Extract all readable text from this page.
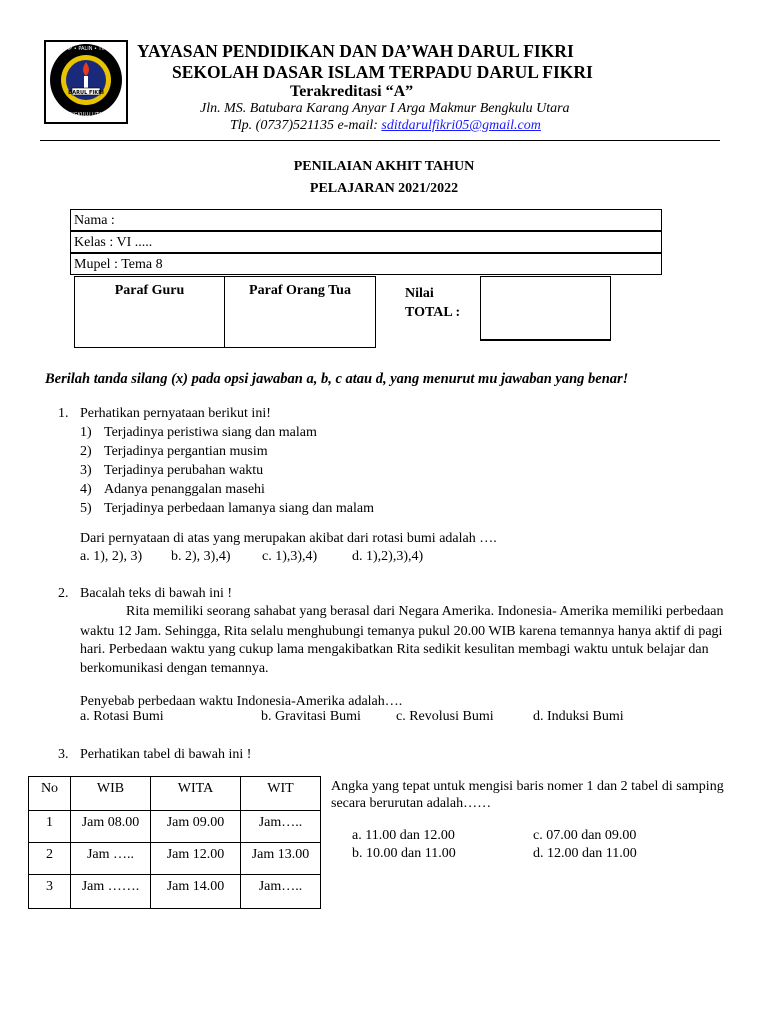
DARUL FIKRI
SEDAP • PALIN • TIPPNR
BENGKULU UTARA
YAYASAN PENDIDIKAN DAN DA’WAH DARUL FIKRI
SEKOLAH DASAR ISLAM TERPADU DARUL FIKRI
Terakreditasi “A”
Jln. MS. Batubara Karang Anyar I Arga Makmur Bengkulu Utara
Tlp. (0737)521135 e-mail: sditdarulfikri05@gmail.com
PENILAIAN AKHIT TAHUN
PELAJARAN 2021/2022
Nama :
Kelas : VI .....
Mupel : Tema 8
Paraf Guru	Paraf Orang Tua	Nilai
TOTAL :
Berilah tanda silang (x) pada opsi jawaban a, b, c atau d, yang menurut mu jawaban yang benar!
1. Perhatikan pernyataan berikut ini!
1) Terjadinya peristiwa siang dan malam
2) Terjadinya pergantian musim
3) Terjadinya perubahan waktu
4) Adanya penanggalan masehi
5) Terjadinya perbedaan lamanya siang dan malam
Dari pernyataan di atas yang merupakan akibat dari rotasi bumi adalah ….
a. 1), 2), 3) b. 2), 3),4) c. 1),3),4) d. 1),2),3),4)
2. Bacalah teks di bawah ini !
Rita memiliki seorang sahabat yang berasal dari Negara Amerika. Indonesia- Amerika memiliki perbedaan
waktu 12 Jam. Sehingga, Rita selalu menghubungi temanya pukul 20.00 WIB karena temannya hanya aktif di pagi
hari. Perbedaan waktu yang cukup lama mengakibatkan Rita sedikit kesulitan membagi waktu untuk belajar dan
berkomunikasi dengan temannya.
Penyebab perbedaan waktu Indonesia-Amerika adalah….
a. Rotasi Bumi	b. Gravitasi Bumi	c. Revolusi Bumi	d. Induksi Bumi
3. Perhatikan tabel di bawah ini !
No	WIB	WITA	WIT
1	Jam 08.00	Jam 09.00	Jam…..
2	Jam …..	Jam 12.00	Jam 13.00
3	Jam …….	Jam 14.00	Jam…..
Angka yang tepat untuk mengisi baris nomer 1 dan 2 tabel di samping
secara berurutan adalah……
a. 11.00 dan 12.00	c. 07.00 dan 09.00
b. 10.00 dan 11.00	d. 12.00 dan 11.00
